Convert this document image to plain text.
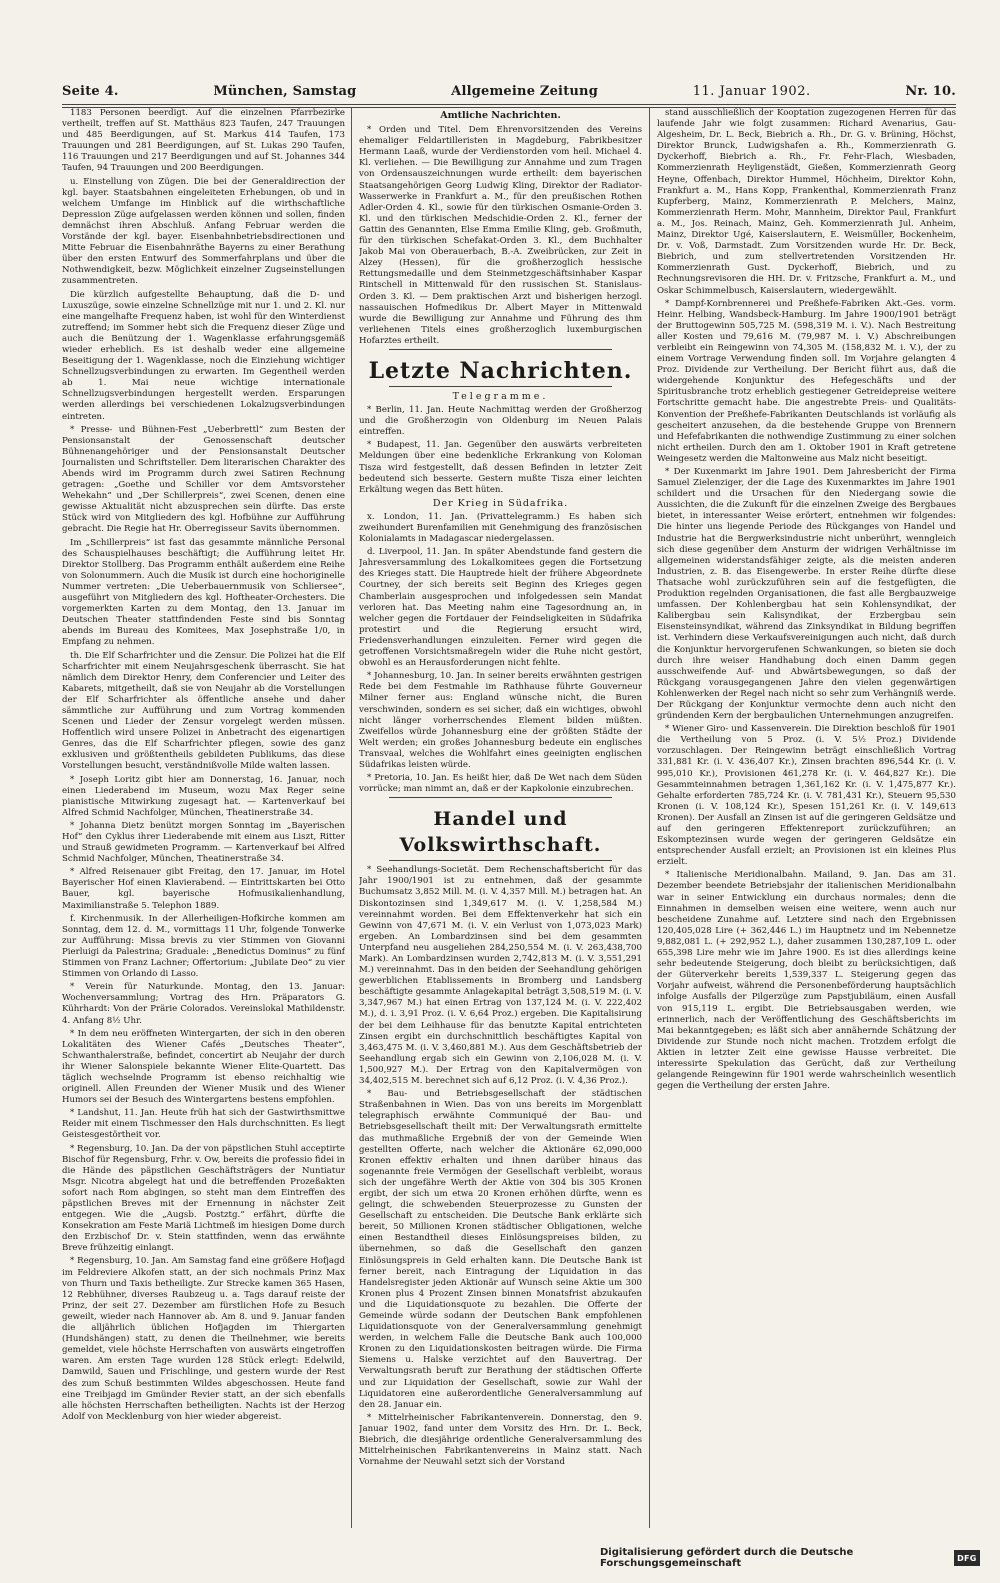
Seite 4.	München, Samstag	Allgemeine Zeitung	11. Januar 1902.	Nr. 10.

1183 Personen beerdigt. Auf die einzelnen Pfarrbezirke vertheilt, treffen auf St. Matthäus 823 Taufen, 247 Trauungen und 485 Beerdigungen, auf St. Markus 414 Taufen, 173 Trauungen und 281 Beerdigungen, auf St. Lukas 290 Taufen, 116 Trauungen und 217 Beerdigungen und auf St. Johannes 344 Taufen, 94 Trauungen und 200 Beerdigungen.

u. Einstellung von Zügen. Die bei der Generaldirection der kgl. bayer. Staatsbahnen eingeleiteten Erhebungen, ob und in welchem Umfange im Hinblick auf die wirthschaftliche Depression Züge aufgelassen werden können und sollen, finden demnächst ihren Abschluß. Anfang Februar werden die Vorstände der kgl. bayer. Eisenbahnbetriebsdirectionen und Mitte Februar die Eisenbahnräthe Bayerns zu einer Berathung über den ersten Entwurf des Sommerfahrplans und über die Nothwendigkeit, bezw. Möglichkeit einzelner Zugseinstellungen zusammentreten.

Die kürzlich aufgestellte Behauptung, daß die D- und Luxuszüge, sowie einzelne Schnellzüge mit nur 1. und 2. Kl. nur eine mangelhafte Frequenz haben, ist wohl für den Winterdienst zutreffend; im Sommer hebt sich die Frequenz dieser Züge und auch die Benützung der 1. Wagenklasse erfahrungsgemäß wieder erheblich. Es ist deshalb weder eine allgemeine Beseitigung der 1. Wagenklasse, noch die Einziehung wichtiger Schnellzugsverbindungen zu erwarten. Im Gegentheil werden ab 1. Mai neue wichtige internationale Schnellzugsverbindungen hergestellt werden. Ersparungen werden allerdings bei verschiedenen Lokalzugsverbindungen eintreten.

* Presse- und Bühnen-Fest „Ueberbrettl“ zum Besten der Pensionsanstalt der Genossenschaft deutscher Bühnenangehöriger und der Pensionsanstalt Deutscher Journalisten und Schriftsteller. Dem literarischen Charakter des Abends wird im Programm durch zwei Satiren Rechnung getragen: „Goethe und Schiller vor dem Amtsvorsteher Wehekahn“ und „Der Schillerpreis“, zwei Scenen, denen eine gewisse Aktualität nicht abzusprechen sein dürfte. Das erste Stück wird von Mitgliedern des kgl. Hofbühne zur Aufführung gebracht. Die Regie hat Hr. Oberregisseur Savits übernommen.

Im „Schillerpreis“ ist fast das gesammte männliche Personal des Schauspielhauses beschäftigt; die Aufführung leitet Hr. Direktor Stollberg. Das Programm enthält außerdem eine Reihe von Solonummern. Auch die Musik ist durch eine hochoriginelle Nummer vertreten: „Die Ueberbauernmusik von Schliersee“, ausgeführt von Mitgliedern des kgl. Hoftheater-Orchesters. Die vorgemerkten Karten zu dem Montag, den 13. Januar im Deutschen Theater stattfindenden Feste sind bis Sonntag abends im Bureau des Komitees, Max Josephstraße 1/0, in Empfang zu nehmen.

th. Die Elf Scharfrichter und die Zensur. Die Polizei hat die Elf Scharfrichter mit einem Neujahrsgeschenk überrascht. Sie hat nämlich dem Direktor Henry, dem Conferencier und Leiter des Kabarets, mitgetheilt, daß sie von Neujahr ab die Vorstellungen der Elf Scharfrichter als öffentliche ansehe und daher sämmtliche zur Aufführung und zum Vortrag kommenden Scenen und Lieder der Zensur vorgelegt werden müssen. Hoffentlich wird unsere Polizei in Anbetracht des eigenartigen Genres, das die Elf Scharfrichter pflegen, sowie des ganz exklusiven und größtentheils gebildeten Publikums, das diese Vorstellungen besucht, verständnißvolle Milde walten lassen.

* Joseph Loritz gibt hier am Donnerstag, 16. Januar, noch einen Liederabend im Museum, wozu Max Reger seine pianistische Mitwirkung zugesagt hat. — Kartenverkauf bei Alfred Schmid Nachfolger, München, Theatinerstraße 34.

* Johanna Dietz benützt morgen Sonntag im „Bayerischen Hof“ den Cyklus ihrer Liederabende mit einem aus Liszt, Ritter und Strauß gewidmeten Programm. — Kartenverkauf bei Alfred Schmid Nachfolger, München, Theatinerstraße 34.

* Alfred Reisenauer gibt Freitag, den 17. Januar, im Hotel Bayerischer Hof einen Klavierabend. — Eintrittskarten bei Otto Bauer, kgl. bayerische Hofmusikalienhandlung, Maximilianstraße 5. Telephon 1889.

f. Kirchenmusik. In der Allerheiligen-Hofkirche kommen am Sonntag, dem 12. d. M., vormittags 11 Uhr, folgende Tonwerke zur Aufführung: Missa brevis zu vier Stimmen von Giovanni Pierluigi da Palestrina; Graduale: „Benedictus Dominus“ zu fünf Stimmen von Franz Lachner; Offertorium: „Jubilate Deo“ zu vier Stimmen von Orlando di Lasso.

* Verein für Naturkunde. Montag, den 13. Januar: Wochenversammlung; Vortrag des Hrn. Präparators G. Kührhardt: Von der Prärie Colorados. Vereinslokal Mathildenstr. 4. Anfang 8½ Uhr.

* In dem neu eröffneten Wintergarten, der sich in den oberen Lokalitäten des Wiener Cafés „Deutsches Theater“, Schwanthalerstraße, befindet, concertirt ab Neujahr der durch ihr Wiener Salonspiele bekannte Wiener Elite-Quartett. Das täglich wechselnde Programm ist ebenso reichhaltig wie originell. Allen Freunden der Wiener Musik und des Wiener Humors sei der Besuch des Wintergartens bestens empfohlen.

* Landshut, 11. Jan. Heute früh hat sich der Gastwirthsmittwe Reider mit einem Tischmesser den Hals durchschnitten. Es liegt Geistesgestörtheit vor.

* Regensburg, 10. Jan. Da der von päpstlichen Stuhl acceptirte Bischof für Regensburg, Frhr. v. Ow, bereits die professio fidei in die Hände des päpstlichen Geschäftsträgers der Nuntiatur Msgr. Nicotra abgelegt hat und die betreffenden Prozeßakten sofort nach Rom abgingen, so steht man dem Eintreffen des päpstlichen Breves mit der Ernennung in nächster Zeit entgegen. Wie die „Augsb. Postztg.“ erfährt, dürfte die Konsekration am Feste Mariä Lichtmeß im hiesigen Dome durch den Erzbischof Dr. v. Stein stattfinden, wenn das erwähnte Breve frühzeitig einlangt.

* Regensburg, 10. Jan. Am Samstag fand eine größere Hofjagd im Feldreviere Alkofen statt, an der sich nochmals Prinz Max von Thurn und Taxis betheiligte. Zur Strecke kamen 365 Hasen, 12 Rebhühner, diverses Raubzeug u. a. Tags darauf reiste der Prinz, der seit 27. Dezember am fürstlichen Hofe zu Besuch geweilt, wieder nach Hannover ab. Am 8. und 9. Januar fanden die alljährlich üblichen Hofjagden im Thiergarten (Hundshängen) statt, zu denen die Theilnehmer, wie bereits gemeldet, viele höchste Herrschaften von auswärts eingetroffen waren. Am ersten Tage wurden 128 Stück erlegt: Edelwild, Damwild, Sauen und Frischlinge, und gestern wurde der Rest des zum Schuß bestimmten Wildes abgeschossen. Heute fand eine Treibjagd im Gmünder Revier statt, an der sich ebenfalls alle höchsten Herrschaften betheiligten. Nachts ist der Herzog Adolf von Mecklenburg von hier wieder abgereist.

Amtliche Nachrichten.

* Orden und Titel. Dem Ehrenvorsitzenden des Vereins ehemaliger Feldartilleristen in Magdeburg, Fabrikbesitzer Hermann Laaß, wurde der Verdienstorden vom heil. Michael 4. Kl. verliehen. — Die Bewilligung zur Annahme und zum Tragen von Ordensauszeichnungen wurde ertheilt: dem bayerischen Staatsangehörigen Georg Ludwig Kling, Direktor der Radiator-Wasserwerke in Frankfurt a. M., für den preußischen Rothen Adler-Orden 4. Kl., sowie für den türkischen Osmanie-Orden 3. Kl. und den türkischen Medschidie-Orden 2. Kl., ferner der Gattin des Genannten, Else Emma Emilie Kling, geb. Großmuth, für den türkischen Schefakat-Orden 3. Kl., dem Buchhalter Jakob Mai von Oberauerbach, B.-A. Zweibrücken, zur Zeit in Alzey (Hessen), für die großherzoglich hessische Rettungsmedaille und dem Steinmetzgeschäftsinhaber Kaspar Rintschell in Mittenwald für den russischen St. Stanislaus-Orden 3. Kl. — Dem praktischen Arzt und bisherigen herzogl. nassauischen Hofmedikus Dr. Albert Mayer in Mittenwald wurde die Bewilligung zur Annahme und Führung des ihm verliehenen Titels eines großherzoglich luxemburgischen Hofarztes ertheilt.

Letzte Nachrichten.
Telegramme.

* Berlin, 11. Jan. Heute Nachmittag werden der Großherzog und die Großherzogin von Oldenburg im Neuen Palais eintreffen.

* Budapest, 11. Jan. Gegenüber den auswärts verbreiteten Meldungen über eine bedenkliche Erkrankung von Koloman Tisza wird festgestellt, daß dessen Befinden in letzter Zeit bedeutend sich besserte. Gestern mußte Tisza einer leichten Erkältung wegen das Bett hüten.

Der Krieg in Südafrika.

x. London, 11. Jan. (Privattelegramm.) Es haben sich zweihundert Burenfamilien mit Genehmigung des französischen Kolonialamts in Madagascar niedergelassen.

d. Liverpool, 11. Jan. In später Abendstunde fand gestern die Jahresversammlung des Lokalkomitees gegen die Fortsetzung des Krieges statt. Die Hauptrede hielt der frühere Abgeordnete Courtney, der sich bereits seit Beginn des Krieges gegen Chamberlain ausgesprochen und infolgedessen sein Mandat verloren hat. Das Meeting nahm eine Tagesordnung an, in welcher gegen die Fortdauer der Feindseligkeiten in Südafrika protestirt und die Regierung ersucht wird, Friedensverhandlungen einzuleiten. Ferner wird gegen die getroffenen Vorsichtsmaßregeln wider die Ruhe nicht gestört, obwohl es an Herausforderungen nicht fehlte.

* Johannesburg, 10. Jan. In seiner bereits erwähnten gestrigen Rede bei dem Festmahle im Rathhause führte Gouverneur Milner ferner aus: England wünsche nicht, die Buren verschwinden, sondern es sei sicher, daß ein wichtiges, obwohl nicht länger vorherrschendes Element bilden müßten. Zweifellos würde Johannesburg eine der größten Städte der Welt werden; ein großes Johannesburg bedeute ein englisches Transvaal, welches die Wohlfahrt eines geeinigten englischen Südafrikas leisten würde.

* Pretoria, 10. Jan. Es heißt hier, daß De Wet nach dem Süden vorrücke; man nimmt an, daß er der Kapkolonie einzubrechen.

Handel und Volkswirthschaft.

* Seehandlungs-Societät. Dem Rechenschaftsbericht für das Jahr 1900/1901 ist zu entnehmen, daß der gesammte Buchumsatz 3,852 Mill. M. (i. V. 4,357 Mill. M.) betragen hat. An Diskontozinsen sind 1,349,617 M. (i. V. 1,258,584 M.) vereinnahmt worden. Bei dem Effektenverkehr hat sich ein Gewinn von 47,671 M. (i. V. ein Verlust von 1,073,023 Mark) ergeben. An Lombardzinsen sind bei dem gesammten Unterpfand neu ausgeliehen 284,250,554 M. (i. V. 263,438,700 Mark). An Lombardzinsen wurden 2,742,813 M. (i. V. 3,551,291 M.) vereinnahmt. Das in den beiden der Seehandlung gehörigen gewerblichen Etablissements in Bromberg und Landsberg beschäftigte gesammte Anlagekapital beträgt 3,508,519 M. (i. V. 3,347,967 M.) hat einen Ertrag von 137,124 M. (i. V. 222,402 M.), d. i. 3,91 Proz. (i. V. 6,64 Proz.) ergeben. Die Kapitalisirung der bei dem Leihhause für das benutzte Kapital entrichteten Zinsen ergibt ein durchschnittlich beschäftigtes Kapital von 3,463,475 M. (i. V. 3,460,881 M.). Aus dem Geschäftsbetrieb der Seehandlung ergab sich ein Gewinn von 2,106,028 M. (i. V. 1,500,927 M.). Der Ertrag von den Kapitalvermögen von 34,402,515 M. berechnet sich auf 6,12 Proz. (i. V. 4,36 Proz.).

* Bau- und Betriebsgesellschaft der städtischen Straßenbahnen in Wien. Das von uns bereits im Morgenblatt telegraphisch erwähnte Communiqué der Bau- und Betriebsgesellschaft theilt mit: Der Verwaltungsrath ermittelte das muthmaßliche Ergebniß der von der Gemeinde Wien gestellten Offerte, nach welcher die Aktionäre 62,090,000 Kronen effektiv erhalten und ihnen darüber hinaus das sogenannte freie Vermögen der Gesellschaft verbleibt, woraus sich der ungefähre Werth der Aktie von 304 bis 305 Kronen ergibt, der sich um etwa 20 Kronen erhöhen dürfte, wenn es gelingt, die schwebenden Steuerprozesse zu Gunsten der Gesellschaft zu entscheiden. Die Deutsche Bank erklärte sich bereit, 50 Millionen Kronen städtischer Obligationen, welche einen Bestandtheil dieses Einlösungspreises bilden, zu übernehmen, so daß die Gesellschaft den ganzen Einlösungspreis in Geld erhalten kann. Die Deutsche Bank ist ferner bereit, nach Eintragung der Liquidation in das Handelsregister jeden Aktionär auf Wunsch seine Aktie um 300 Kronen plus 4 Prozent Zinsen binnen Monatsfrist abzukaufen und die Liquidationsquote zu bezahlen. Die Offerte der Gemeinde würde sodann der Deutschen Bank empfohlenen Liquidationsquote von der Generalversammlung genehmigt werden, in welchem Falle die Deutsche Bank auch 100,000 Kronen zu den Liquidationskosten beitragen würde. Die Firma Siemens u. Halske verzichtet auf den Bauvertrag. Der Verwaltungsrath beruft zur Berathung der städtischen Offerte und zur Liquidation der Gesellschaft, sowie zur Wahl der Liquidatoren eine außerordentliche Generalversammlung auf den 28. Januar ein.

* Mittelrheinischer Fabrikantenverein. Donnerstag, den 9. Januar 1902, fand unter dem Vorsitz des Hrn. Dr. L. Beck, Biebrich, die diesjährige ordentliche Generalversammlung des Mittelrheinischen Fabrikantenvereins in Mainz statt. Nach Vornahme der Neuwahl setzt sich der Vorstand

stand ausschließlich der Kooptation zugezogenen Herren für das laufende Jahr wie folgt zusammen: Richard Avenarius, Gau-Algesheim, Dr. L. Beck, Biebrich a. Rh., Dr. G. v. Brüning, Höchst, Direktor Brunck, Ludwigshafen a. Rh., Kommerzienrath G. Dyckerhoff, Biebrich a. Rh., Fr. Fehr-Flach, Wiesbaden, Kommerzienrath Heyligenstädt, Gießen, Kommerzienrath Georg Heyne, Offenbach, Direktor Hummel, Höchheim, Direktor Kohn, Frankfurt a. M., Hans Kopp, Frankenthal, Kommerzienrath Franz Kupferberg, Mainz, Kommerzienrath P. Melchers, Mainz, Kommerzienrath Herm. Mohr, Mannheim, Direktor Paul, Frankfurt a. M., Jos. Reinach, Mainz, Geh. Kommerzienrath Jul. Anheim, Mainz, Direktor Ugé, Kaiserslautern, E. Weismüller, Bockenheim, Dr. v. Voß, Darmstadt. Zum Vorsitzenden wurde Hr. Dr. Beck, Biebrich, und zum stellvertretenden Vorsitzenden Hr. Kommerzienrath Gust. Dyckerhoff, Biebrich, und zu Rechnungsrevisoren die HH. Dr. v. Fritzsche, Frankfurt a. M., und Oskar Schimmelbusch, Kaiserslautern, wiedergewählt.

* Dampf-Kornbrennerei und Preßhefe-Fabriken Akt.-Ges. vorm. Heinr. Helbing, Wandsbeck-Hamburg. Im Jahre 1900/1901 beträgt der Bruttogewinn 505,725 M. (598,319 M. i. V.). Nach Bestreitung aller Kosten und 79,616 M. (79,987 M. i. V.) Abschreibungen verbleibt ein Reingewinn von 74,305 M. (158,832 M. i. V.), der zu einem Vortrage Verwendung finden soll. Im Vorjahre gelangten 4 Proz. Dividende zur Vertheilung. Der Bericht führt aus, daß die widergehende Konjunktur des Hefegeschäfts und der Spiritusbranche trotz erheblich gestiegener Getreidepreise weitere Fortschritte gemacht habe. Die angestrebte Preis- und Qualitäts-Konvention der Preßhefe-Fabrikanten Deutschlands ist vorläufig als gescheitert anzusehen, da die bestehende Gruppe von Brennern und Hefefabrikanten die nothwendige Zustimmung zu einer solchen nicht ertheilen. Durch den am 1. Oktober 1901 in Kraft getretene Weingesetz werden die Maltonweine aus Malz nicht beseitigt.

* Der Kuxenmarkt im Jahre 1901. Dem Jahresbericht der Firma Samuel Zielenziger, der die Lage des Kuxenmarktes im Jahre 1901 schildert und die Ursachen für den Niedergang sowie die Aussichten, die die Zukunft für die einzelnen Zweige des Bergbaues bietet, in interessanter Weise erörtert, entnehmen wir folgendes: Die hinter uns liegende Periode des Rückganges von Handel und Industrie hat die Bergwerksindustrie nicht unberührt, wenngleich sich diese gegenüber dem Ansturm der widrigen Verhältnisse im allgemeinen widerstandsfähiger zeigte, als die meisten anderen Industrien, z. B. das Eisengewerbe. In erster Reihe dürfte diese Thatsache wohl zurückzuführen sein auf die festgefügten, die Produktion regelnden Organisationen, die fast alle Bergbauzweige umfassen. Der Kohlenbergbau hat sein Kohlensyndikat, der Kalibergbau sein Kalisyndikat, der Erzbergbau sein Eisensteinsyndikat, während das Zinksyndikat in Bildung begriffen ist. Verhindern diese Verkaufsvereinigungen auch nicht, daß durch die Konjunktur hervorgerufenen Schwankungen, so bieten sie doch durch ihre weiser Handhabung doch einen Damm gegen ausschweifende Auf- und Abwärtsbewegungen, so daß der Rückgang vorausgegangenen Jahre den vielen gegenwärtigen Kohlenwerken der Regel nach nicht so sehr zum Verhängniß werde. Der Rückgang der Konjunktur vermochte denn auch nicht den gründenden Kern der bergbaulichen Unternehmungen anzugreifen.

* Wiener Giro- und Kassenverein. Die Direktion beschloß für 1901 die Vertheilung von 5 Proz. (i. V. 5½ Proz.) Dividende vorzuschlagen. Der Reingewinn beträgt einschließlich Vortrag 331,881 Kr. (i. V. 436,407 Kr.), Zinsen brachten 896,544 Kr. (i. V. 995,010 Kr.), Provisionen 461,278 Kr. (i. V. 464,827 Kr.). Die Gesammteinnahmen betragen 1,361,162 Kr. (i. V. 1,475,877 Kr.). Gehalte erforderten 785,724 Kr. (i. V. 781,431 Kr.), Steuern 95,530 Kronen (i. V. 108,124 Kr.), Spesen 151,261 Kr. (i. V. 149,613 Kronen). Der Ausfall an Zinsen ist auf die geringeren Geldsätze und auf den geringeren Effektenreport zurückzuführen; an Eskomptezinsen wurde wegen der geringeren Geldsätze ein entsprechender Ausfall erzielt; an Provisionen ist ein kleines Plus erzielt.

* Italienische Meridionalbahn. Mailand, 9. Jan. Das am 31. Dezember beendete Betriebsjahr der italienischen Meridionalbahn war in seiner Entwicklung ein durchaus normales; denn die Einnahmen in demselben weisen eine weitere, wenn auch nur bescheidene Zunahme auf. Letztere sind nach den Ergebnissen 120,405,028 Lire (+ 362,446 L.) im Hauptnetz und im Nebennetze 9,882,081 L. (+ 292,952 L.), daher zusammen 130,287,109 L. oder 655,398 Lire mehr wie im Jahre 1900. Es ist dies allerdings keine sehr bedeutende Steigerung, doch bleibt zu berücksichtigen, daß der Güterverkehr bereits 1,539,337 L. Steigerung gegen das Vorjahr aufweist, während die Personenbeförderung hauptsächlich infolge Ausfalls der Pilgerzüge zum Papstjubiläum, einen Ausfall von 915,119 L. ergibt. Die Betriebsausgaben werden, wie erinnerlich, nach der Veröffentlichung des Geschäftsberichts im Mai bekanntgegeben; es läßt sich aber annähernde Schätzung der Dividende zur Stunde noch nicht machen. Trotzdem erfolgt die Aktien in letzter Zeit eine gewisse Hausse verbreitet. Die interessirte Spekulation das Gerücht, daß zur Vertheilung gelangende Reingewinn für 1901 werde wahrscheinlich wesentlich gegen die Vertheilung der ersten Jahre.

Digitalisierung gefördert durch die Deutsche Forschungsgemeinschaft	DFG
